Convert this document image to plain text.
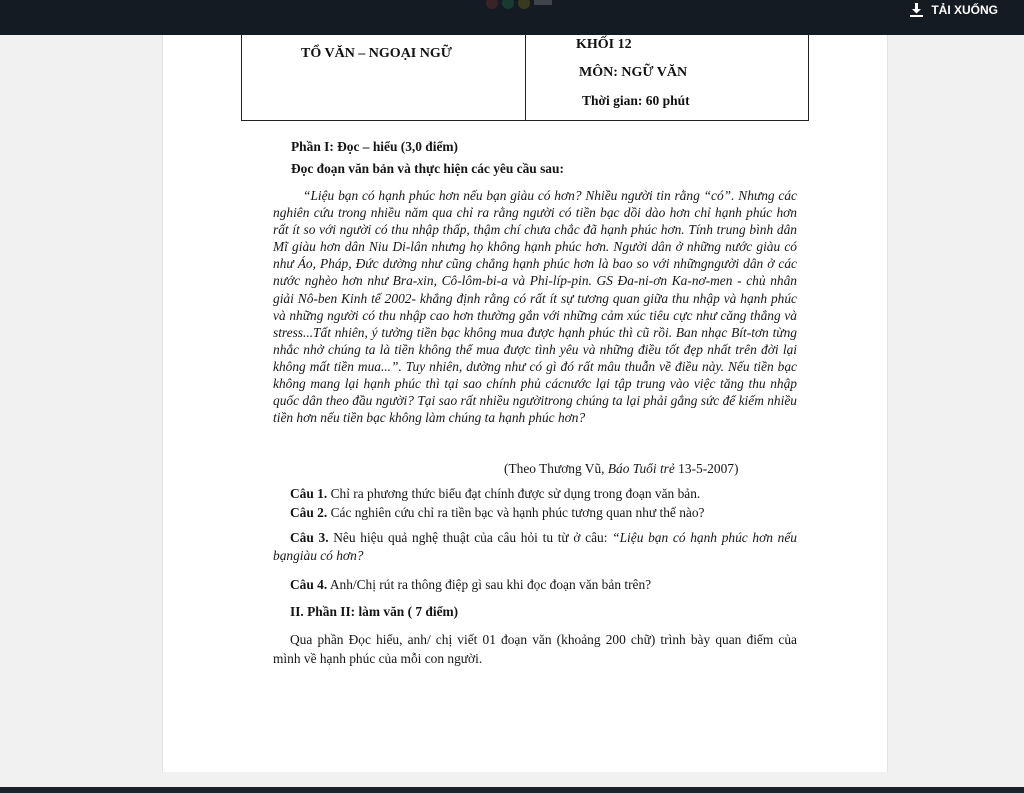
TẢI XUỐNG
TỔ VĂN – NGOẠI NGỮ
KHỐI 12
MÔN: NGỮ VĂN
Thời gian: 60 phút
Phần I: Đọc – hiểu (3,0 điểm)
Đọc đoạn văn bản và thực hiện các yêu cầu sau:
“Liệu bạn có hạnh phúc hơn nếu bạn giàu có hơn? Nhiều người tin rằng “có”. Nhưng các nghiên cứu trong nhiều năm qua chỉ ra rằng người có tiền bạc dồi dào hơn chỉ hạnh phúc hơn rất ít so với người có thu nhập thấp, thậm chí chưa chắc đã hạnh phúc hơn. Tính trung bình dân Mĩ giàu hơn dân Niu Di-lân nhưng họ không hạnh phúc hơn. Người dân ở những nước giàu có như Áo, Pháp, Đức dường như cũng chẳng hạnh phúc hơn là bao so với nhữngngười dân ở các nước nghèo hơn như Bra-xin, Cô-lôm-bi-a và Phi-líp-pin. GS Đa-ni-ơn Ka-nơ-men - chủ nhân giải Nô-ben Kinh tế 2002- khẳng định rằng có rất ít sự tương quan giữa thu nhập và hạnh phúc và những người có thu nhập cao hơn thường gắn với những cảm xúc tiêu cực như căng thẳng và stress...Tất nhiên, ý tưởng tiền bạc không mua được hạnh phúc thì cũ rồi. Ban nhạc Bít-tơn từng nhắc nhở chúng ta là tiền không thể mua được tình yêu và những điều tốt đẹp nhất trên đời lại không mất tiền mua...”. Tuy nhiên, dường như có gì đó rất mâu thuẫn về điều này. Nếu tiền bạc không mang lại hạnh phúc thì tại sao chính phủ cácnước lại tập trung vào việc tăng thu nhập quốc dân theo đầu người? Tại sao rất nhiều ngườitrong chúng ta lại phải gắng sức để kiếm nhiều tiền hơn nếu tiền bạc không làm chúng ta hạnh phúc hơn?
(Theo Thương Vũ, Báo Tuổi trẻ 13-5-2007)
Câu 1. Chỉ ra phương thức biểu đạt chính được sử dụng trong đoạn văn bản.
Câu 2. Các nghiên cứu chỉ ra tiền bạc và hạnh phúc tương quan như thế nào?
Câu 3. Nêu hiệu quả nghệ thuật của câu hỏi tu từ ở câu: “Liệu bạn có hạnh phúc hơn nếu bạngiàu có hơn?
Câu 4. Anh/Chị rút ra thông điệp gì sau khi đọc đoạn văn bản trên?
II. Phần II: làm văn ( 7 điểm)
Qua phần Đọc hiểu, anh/ chị viết 01 đoạn văn (khoảng 200 chữ) trình bày quan điểm của mình về hạnh phúc của mỗi con người.
